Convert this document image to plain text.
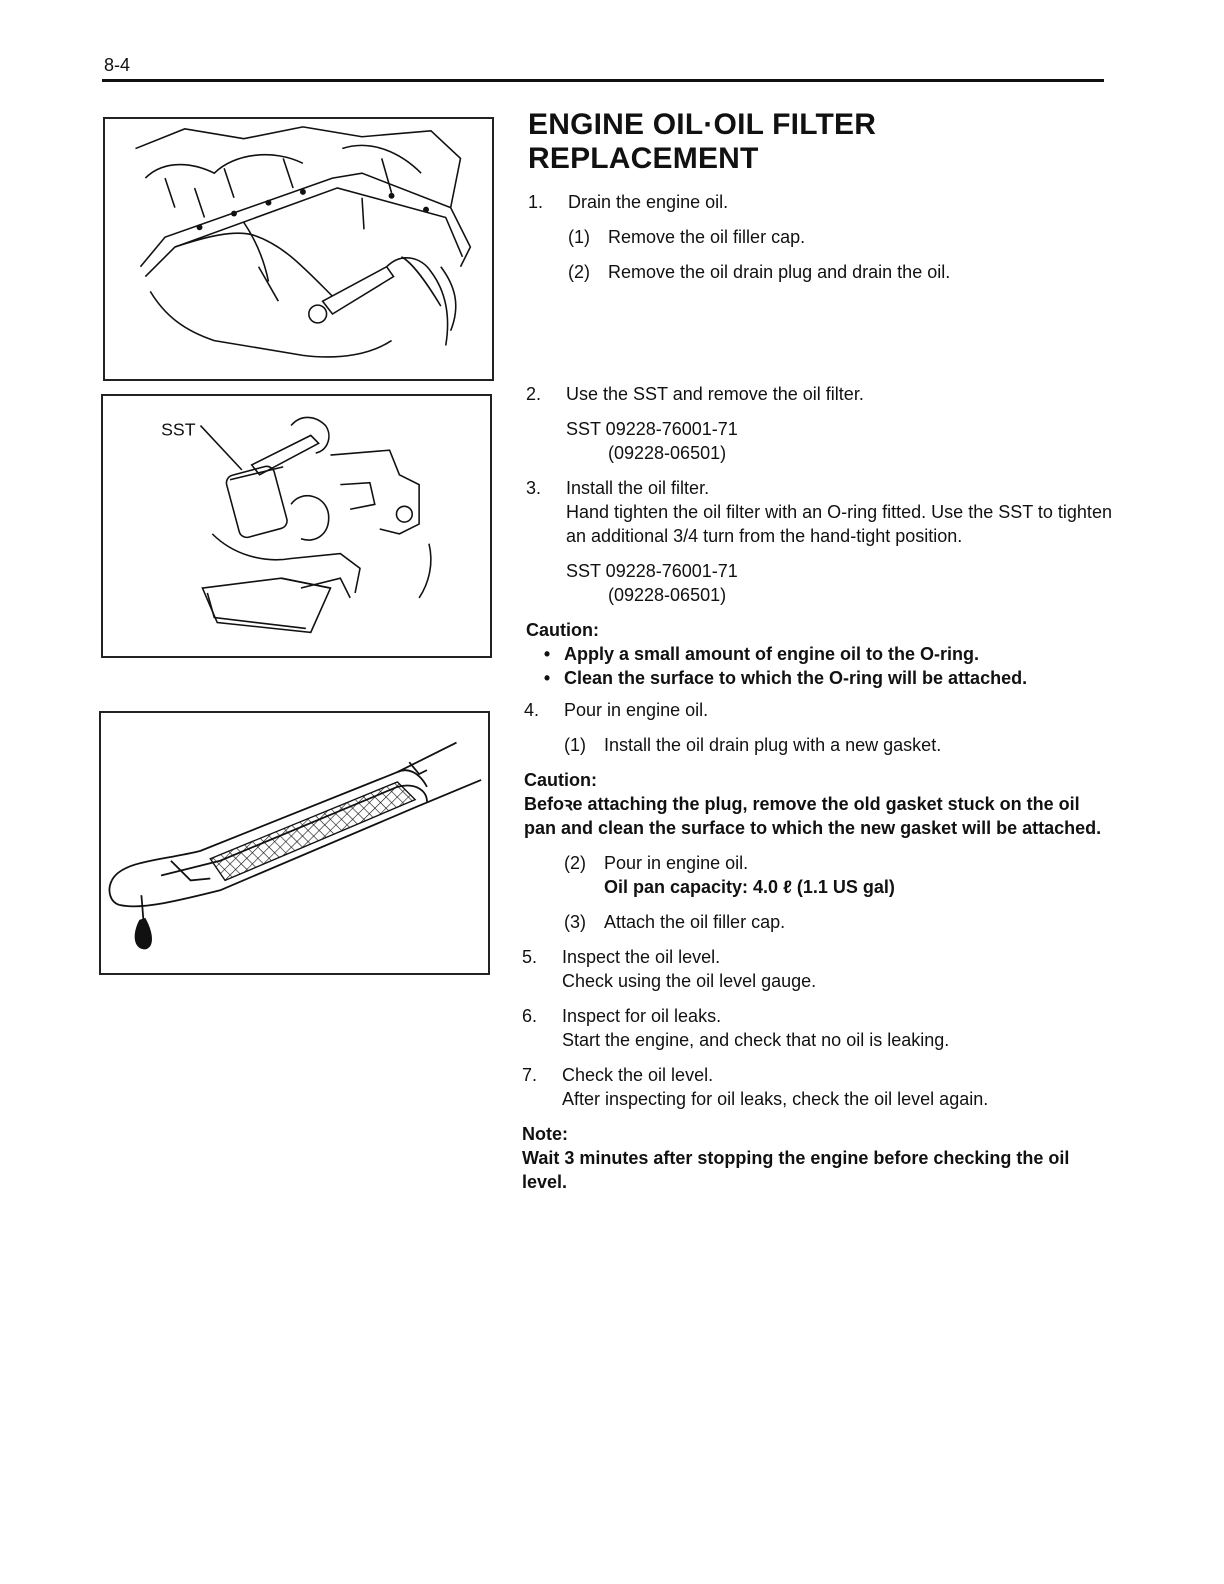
8-4
SST
ENGINE OIL·OIL FILTER
REPLACEMENT
1.	Drain the engine oil.
(1)	Remove the oil filler cap.
(2)	Remove the oil drain plug and drain the oil.
2.	Use the SST and remove the oil filter.
SST 09228-76001-71
(09228-06501)
3.	Install the oil filter.
Hand tighten the oil filter with an O-ring fitted. Use the SST to tighten an additional 3/4 turn from the hand-tight position.
SST 09228-76001-71
(09228-06501)
Caution:
• Apply a small amount of engine oil to the O-ring.
• Clean the surface to which the O-ring will be attached.
4.	Pour in engine oil.
(1)	Install the oil drain plug with a new gasket.
Caution:
Befoꝛe attaching the plug, remove the old gasket stuck on the oil pan and clean the surface to which the new gasket will be attached.
(2)	Pour in engine oil.
Oil pan capacity: 4.0 ℓ (1.1 US gal)
(3)	Attach the oil filler cap.
5.	Inspect the oil level.
Check using the oil level gauge.
6.	Inspect for oil leaks.
Start the engine, and check that no oil is leaking.
7.	Check the oil level.
After inspecting for oil leaks, check the oil level again.
Note:
Wait 3 minutes after stopping the engine before checking the oil level.
